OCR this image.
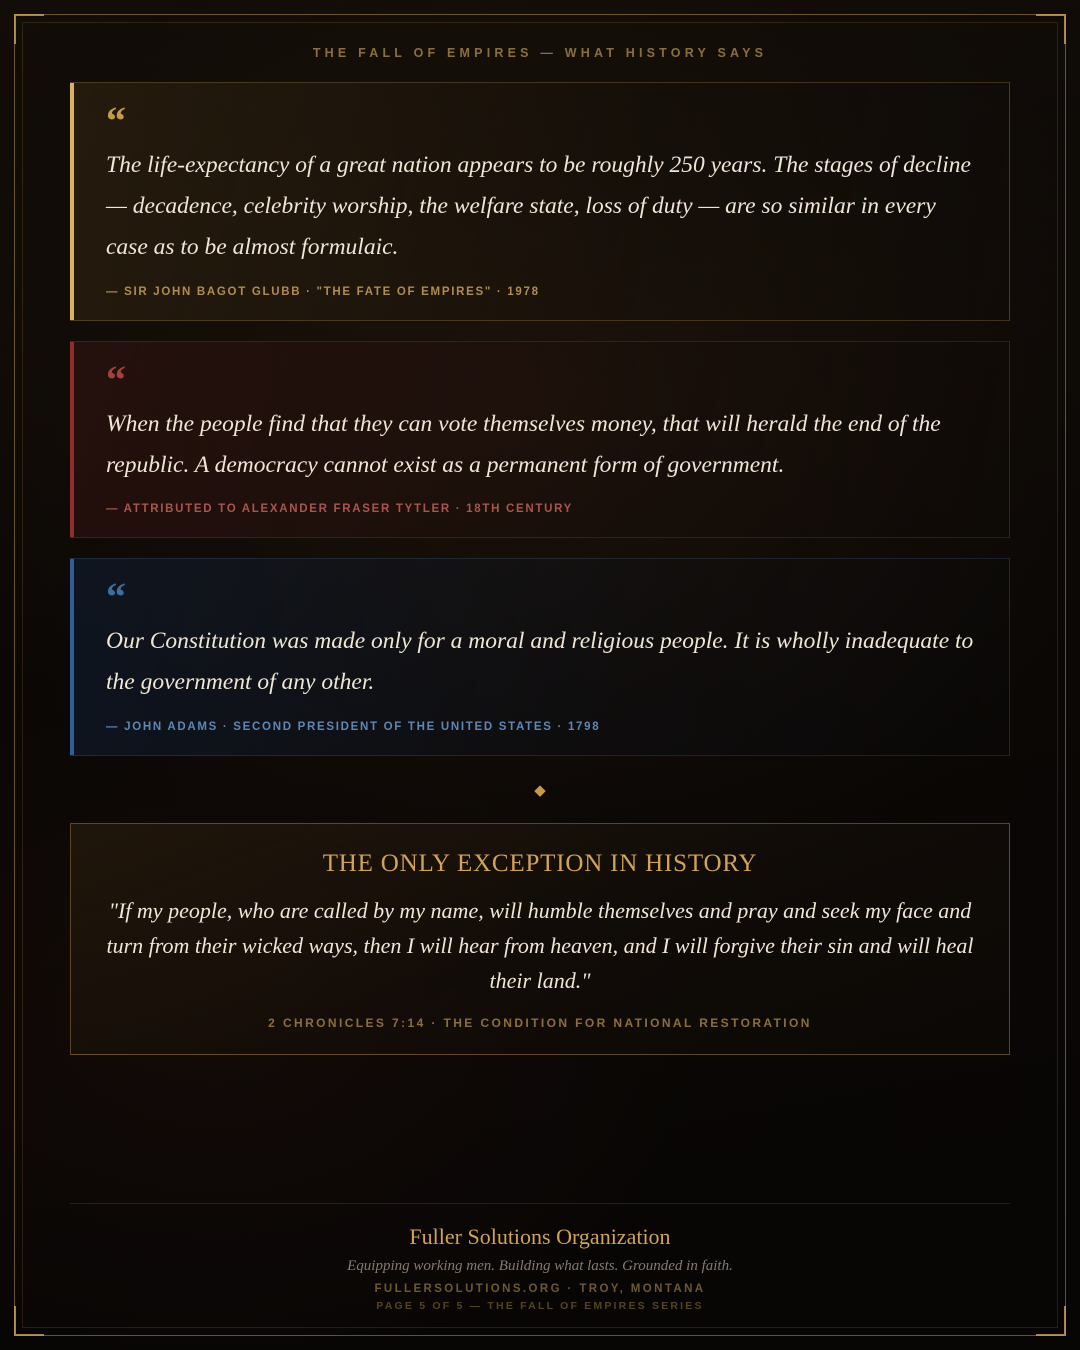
THE FALL OF EMPIRES — WHAT HISTORY SAYS
“
The life-expectancy of a great nation appears to be roughly 250 years. The stages of decline — decadence, celebrity worship, the welfare state, loss of duty — are so similar in every case as to be almost formulaic.
— SIR JOHN BAGOT GLUBB · "THE FATE OF EMPIRES" · 1978
“
When the people find that they can vote themselves money, that will herald the end of the republic. A democracy cannot exist as a permanent form of government.
— ATTRIBUTED TO ALEXANDER FRASER TYTLER · 18TH CENTURY
“
Our Constitution was made only for a moral and religious people. It is wholly inadequate to the government of any other.
— JOHN ADAMS · SECOND PRESIDENT OF THE UNITED STATES · 1798
◆
THE ONLY EXCEPTION IN HISTORY
"If my people, who are called by my name, will humble themselves and pray and seek my face and turn from their wicked ways, then I will hear from heaven, and I will forgive their sin and will heal their land."
2 CHRONICLES 7:14 · THE CONDITION FOR NATIONAL RESTORATION
Fuller Solutions Organization
Equipping working men. Building what lasts. Grounded in faith.
FULLERSOLUTIONS.ORG · TROY, MONTANA
PAGE 5 OF 5 — THE FALL OF EMPIRES SERIES
